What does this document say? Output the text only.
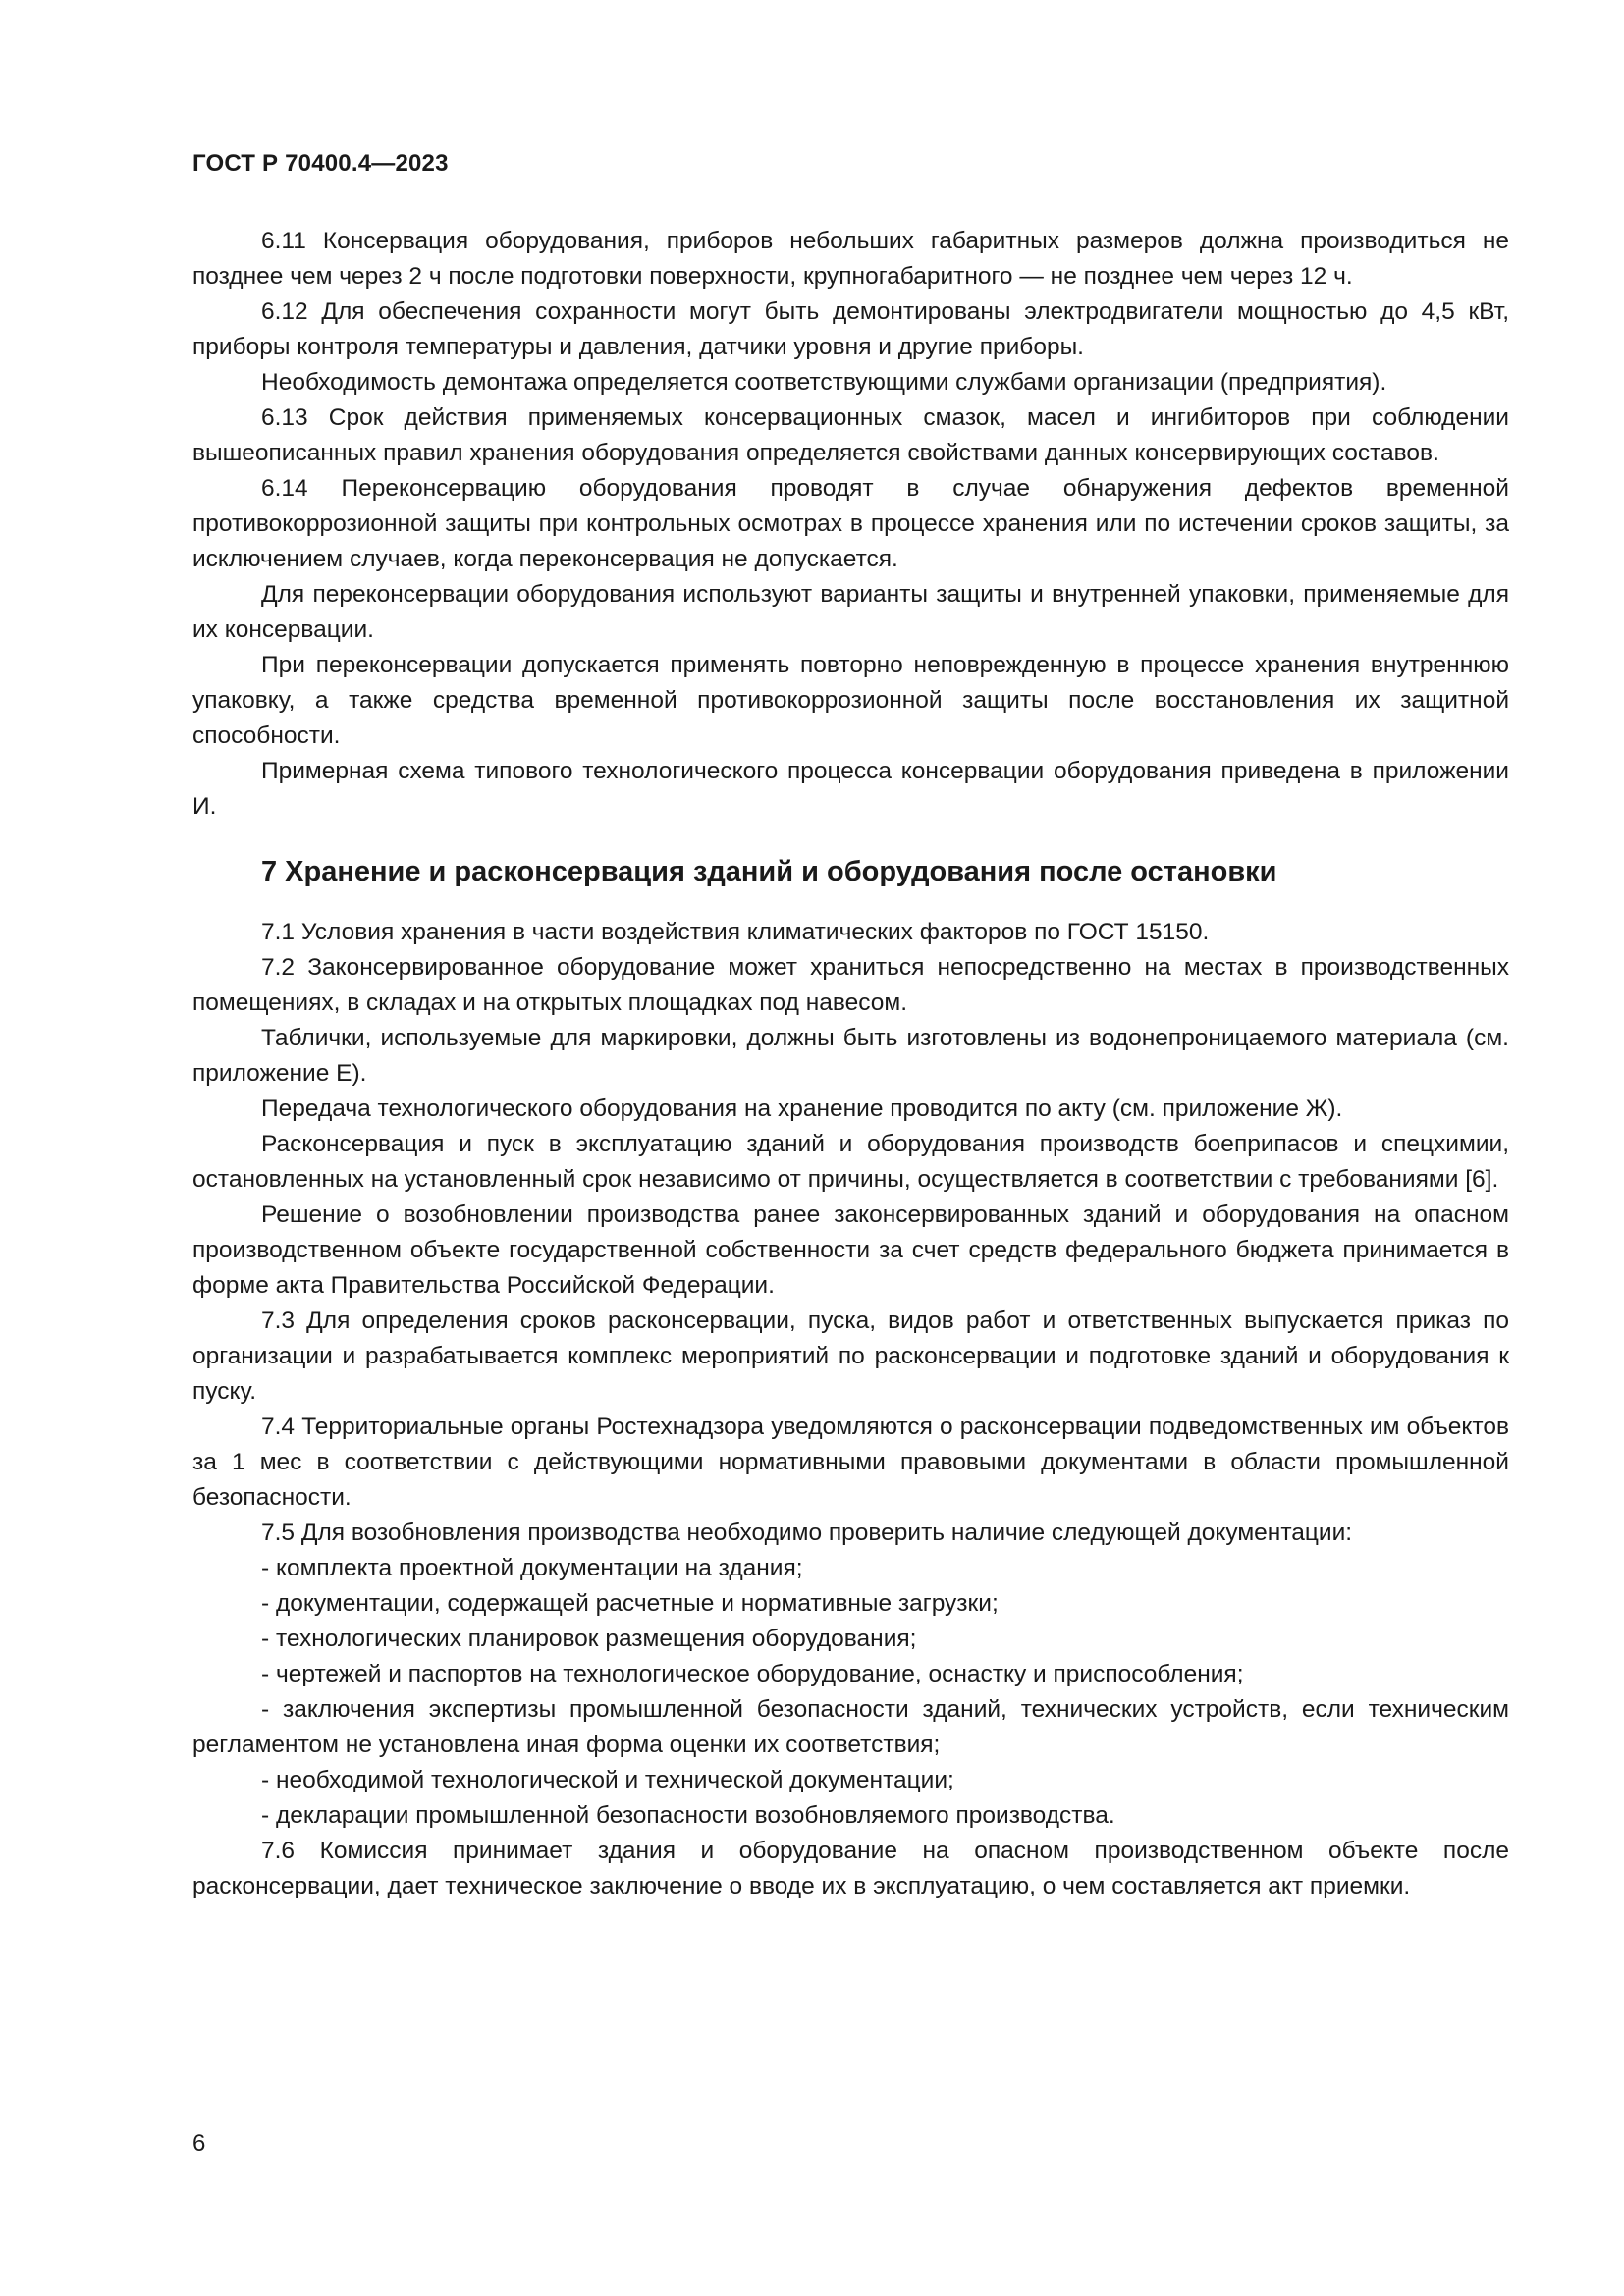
ГОСТ Р 70400.4—2023

6.11 Консервация оборудования, приборов небольших габаритных размеров должна производиться не позднее чем через 2 ч после подготовки поверхности, крупногабаритного — не позднее чем через 12 ч.

6.12 Для обеспечения сохранности могут быть демонтированы электродвигатели мощностью до 4,5 кВт, приборы контроля температуры и давления, датчики уровня и другие приборы.

Необходимость демонтажа определяется соответствующими службами организации (предприятия).

6.13 Срок действия применяемых консервационных смазок, масел и ингибиторов при соблюдении вышеописанных правил хранения оборудования определяется свойствами данных консервирующих составов.

6.14 Переконсервацию оборудования проводят в случае обнаружения дефектов временной противокоррозионной защиты при контрольных осмотрах в процессе хранения или по истечении сроков защиты, за исключением случаев, когда переконсервация не допускается.

Для переконсервации оборудования используют варианты защиты и внутренней упаковки, применяемые для их консервации.

При переконсервации допускается применять повторно неповрежденную в процессе хранения внутреннюю упаковку, а также средства временной противокоррозионной защиты после восстановления их защитной способности.

Примерная схема типового технологического процесса консервации оборудования приведена в приложении И.

7 Хранение и расконсервация зданий и оборудования после остановки

7.1 Условия хранения в части воздействия климатических факторов по ГОСТ 15150.

7.2 Законсервированное оборудование может храниться непосредственно на местах в производственных помещениях, в складах и на открытых площадках под навесом.

Таблички, используемые для маркировки, должны быть изготовлены из водонепроницаемого материала (см. приложение Е).

Передача технологического оборудования на хранение проводится по акту (см. приложение Ж).

Расконсервация и пуск в эксплуатацию зданий и оборудования производств боеприпасов и спецхимии, остановленных на установленный срок независимо от причины, осуществляется в соответствии с требованиями [6].

Решение о возобновлении производства ранее законсервированных зданий и оборудования на опасном производственном объекте государственной собственности за счет средств федерального бюджета принимается в форме акта Правительства Российской Федерации.

7.3 Для определения сроков расконсервации, пуска, видов работ и ответственных выпускается приказ по организации и разрабатывается комплекс мероприятий по расконсервации и подготовке зданий и оборудования к пуску.

7.4 Территориальные органы Ростехнадзора уведомляются о расконсервации подведомственных им объектов за 1 мес в соответствии с действующими нормативными правовыми документами в области промышленной безопасности.

7.5 Для возобновления производства необходимо проверить наличие следующей документации:

- комплекта проектной документации на здания;

- документации, содержащей расчетные и нормативные загрузки;

- технологических планировок размещения оборудования;

- чертежей и паспортов на технологическое оборудование, оснастку и приспособления;

- заключения экспертизы промышленной безопасности зданий, технических устройств, если техническим регламентом не установлена иная форма оценки их соответствия;

- необходимой технологической и технической документации;

- декларации промышленной безопасности возобновляемого производства.

7.6 Комиссия принимает здания и оборудование на опасном производственном объекте после расконсервации, дает техническое заключение о вводе их в эксплуатацию, о чем составляется акт приемки.

6
